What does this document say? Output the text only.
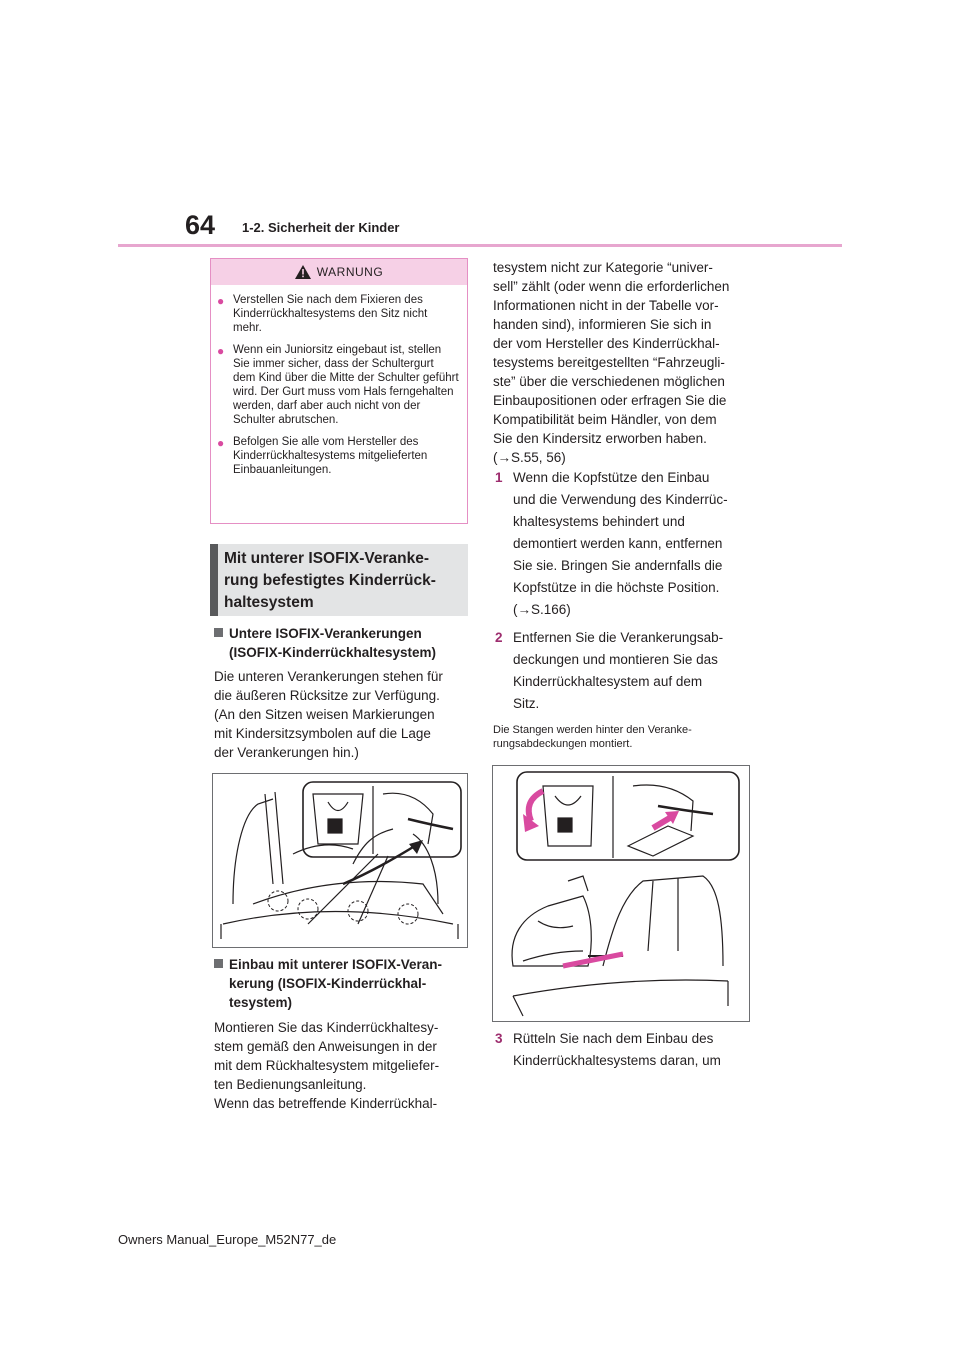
64 1-2. Sicherheit der Kinder
WARNUNG
● Verstellen Sie nach dem Fixieren des Kinderrückhaltesystems den Sitz nicht mehr.
● Wenn ein Juniorsitz eingebaut ist, stellen Sie immer sicher, dass der Schultergurt dem Kind über die Mitte der Schulter geführt wird. Der Gurt muss vom Hals ferngehalten werden, darf aber auch nicht von der Schulter abrutschen.
● Befolgen Sie alle vom Hersteller des Kinderrückhaltesystems mitgelieferten Einbauanleitungen.
Mit unterer ISOFIX-Veranke-
rung befestigtes Kinderrück-
haltesystem
Untere ISOFIX-Verankerungen
(ISOFIX-Kinderrückhaltesystem)
Die unteren Verankerungen stehen für
die äußeren Rücksitze zur Verfügung.
(An den Sitzen weisen Markierungen
mit Kindersitzsymbolen auf die Lage
der Verankerungen hin.)
Einbau mit unterer ISOFIX-Veran-
kerung (ISOFIX-Kinderrückhal-
tesystem)
Montieren Sie das Kinderrückhaltesy-
stem gemäß den Anweisungen in der
mit dem Rückhaltesystem mitgeliefer-
ten Bedienungsanleitung.
Wenn das betreffende Kinderrückhal-
tesystem nicht zur Kategorie “univer-
sell” zählt (oder wenn die erforderlichen
Informationen nicht in der Tabelle vor-
handen sind), informieren Sie sich in
der vom Hersteller des Kinderrückhal-
tesystems bereitgestellten “Fahrzeugli-
ste” über die verschiedenen möglichen
Einbaupositionen oder erfragen Sie die
Kompatibilität beim Händler, von dem
Sie den Kindersitz erworben haben.
(→S.55, 56)
1 Wenn die Kopfstütze den Einbau
und die Verwendung des Kinderrüc-
khaltesystems behindert und
demontiert werden kann, entfernen
Sie sie. Bringen Sie andernfalls die
Kopfstütze in die höchste Position.
(→S.166)
2 Entfernen Sie die Verankerungsab-
deckungen und montieren Sie das
Kinderrückhaltesystem auf dem
Sitz.
Die Stangen werden hinter den Veranke-
rungsabdeckungen montiert.
3 Rütteln Sie nach dem Einbau des
Kinderrückhaltesystems daran, um
Owners Manual_Europe_M52N77_de
